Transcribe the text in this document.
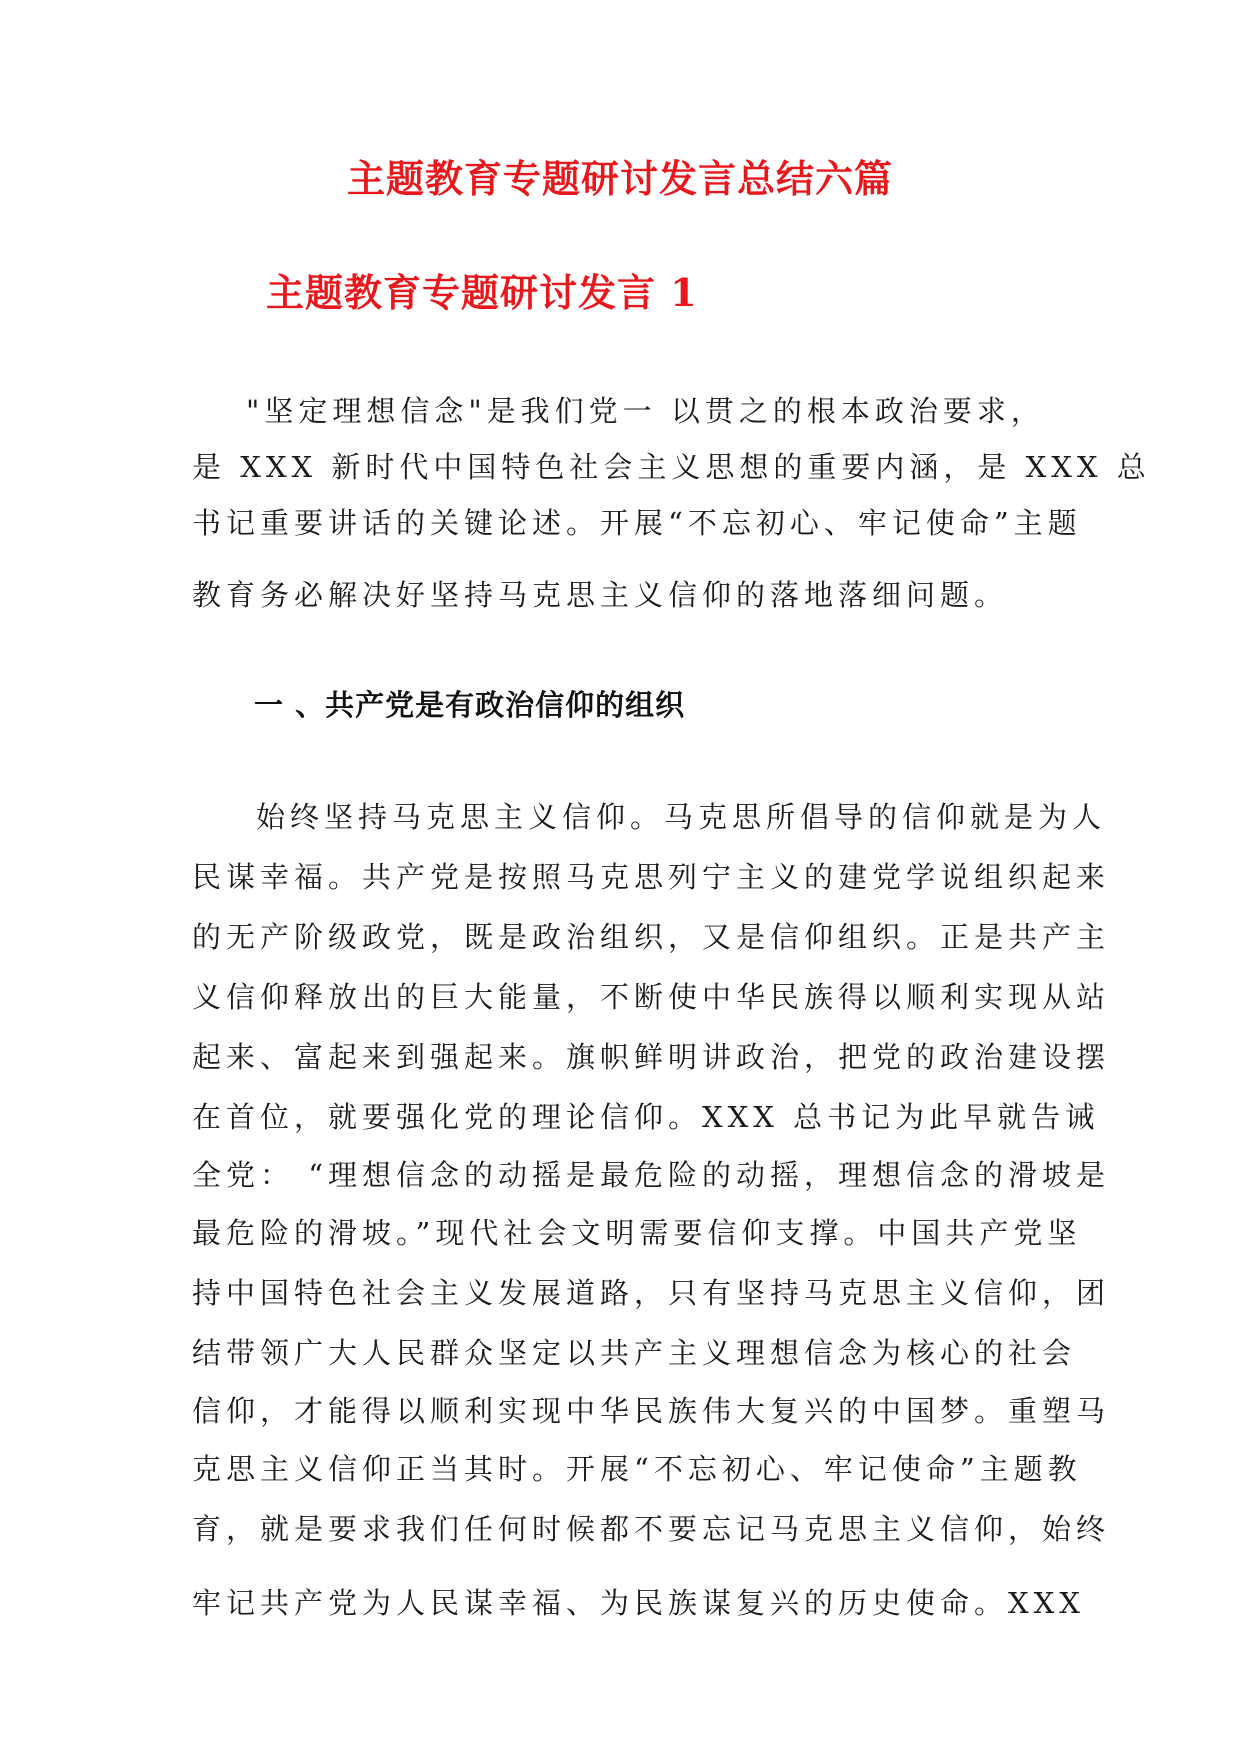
主题教育专题研讨发言总结六篇
主题教育专题研讨发言 1
"坚定理想信念"是我们党一 以贯之的根本政治要求，
是 XXX 新时代中国特色社会主义思想的重要内涵，是 XXX 总
书记重要讲话的关键论述。开展“不忘初心、牢记使命”主题
教育务必解决好坚持马克思主义信仰的落地落细问题。
一 、共产党是有政治信仰的组织
始终坚持马克思主义信仰。马克思所倡导的信仰就是为人
民谋幸福。共产党是按照马克思列宁主义的建党学说组织起来
的无产阶级政党，既是政治组织，又是信仰组织。正是共产主
义信仰释放出的巨大能量，不断使中华民族得以顺利实现从站
起来、富起来到强起来。旗帜鲜明讲政治，把党的政治建设摆
在首位，就要强化党的理论信仰。XXX 总书记为此早就告诫
全党： “理想信念的动摇是最危险的动摇，理想信念的滑坡是
最危险的滑坡。”现代社会文明需要信仰支撑。中国共产党坚
持中国特色社会主义发展道路，只有坚持马克思主义信仰，团
结带领广大人民群众坚定以共产主义理想信念为核心的社会
信仰，才能得以顺利实现中华民族伟大复兴的中国梦。重塑马
克思主义信仰正当其时。开展“不忘初心、牢记使命”主题教
育，就是要求我们任何时候都不要忘记马克思主义信仰，始终
牢记共产党为人民谋幸福、为民族谋复兴的历史使命。XXX
